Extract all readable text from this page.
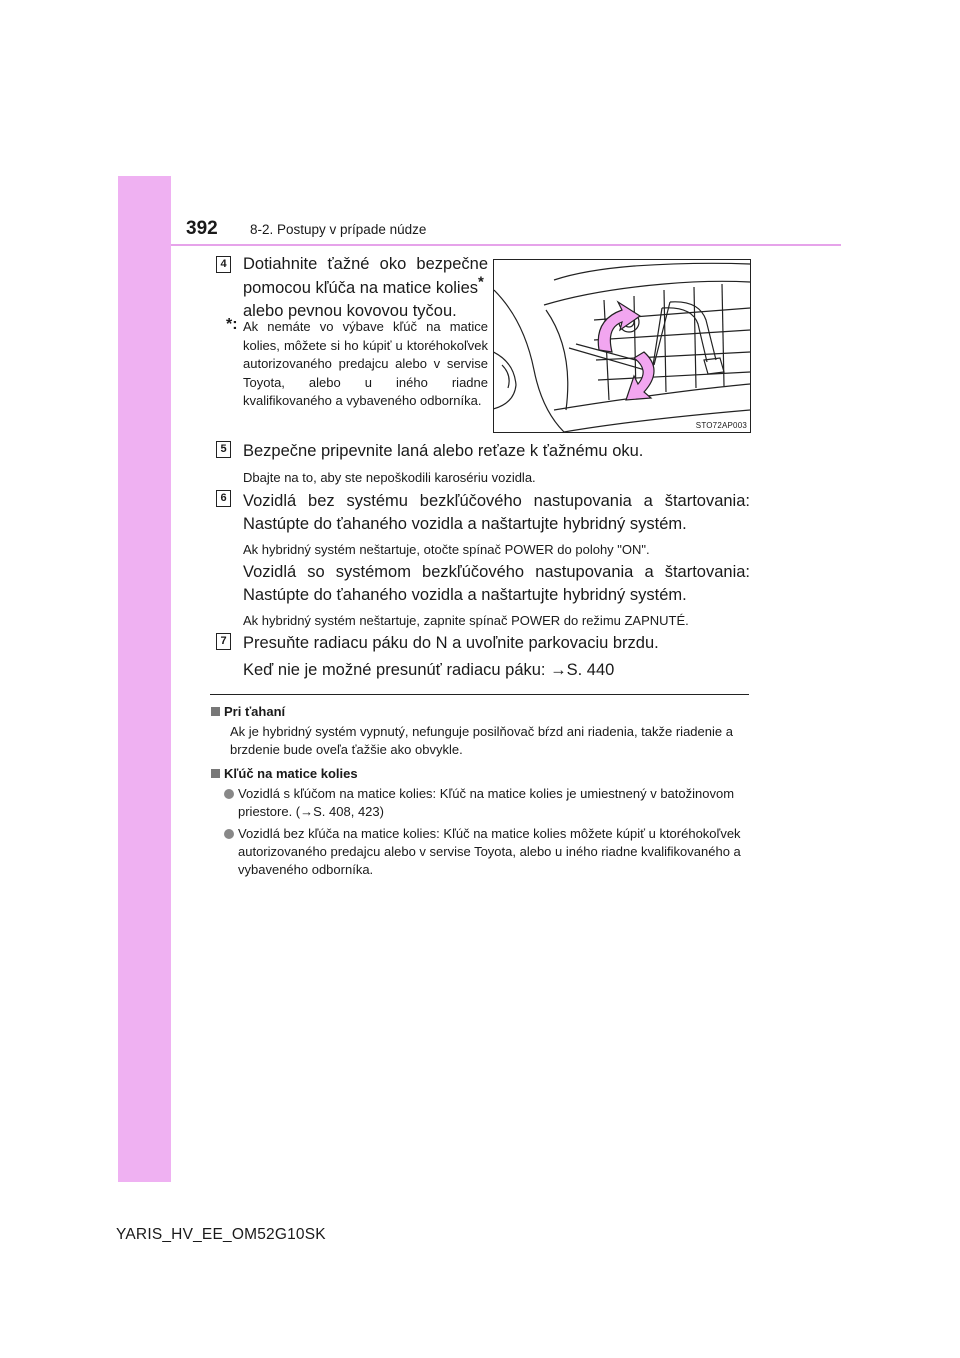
392 8-2. Postupy v prípade núdze
4 Dotiahnite ťažné oko bezpečne
pomocou kľúča na matice kolies*
alebo pevnou kovovou tyčou.
*: Ak nemáte vo výbave kľúč na matice kolies, môžete si ho kúpiť u ktoréhokoľvek autorizovaného predajcu alebo v servise Toyota, alebo u iného riadne kvalifikovaného a vybaveného odborníka.
STO72AP003
5 Bezpečne pripevnite laná alebo reťaze k ťažnému oku.
Dbajte na to, aby ste nepoškodili karosériu vozidla.
6 Vozidlá bez systému bezkľúčového nastupovania a štartovania:
Nastúpte do ťahaného vozidla a naštartujte hybridný systém.
Ak hybridný systém neštartuje, otočte spínač POWER do polohy "ON".
Vozidlá so systémom bezkľúčového nastupovania a štartovania:
Nastúpte do ťahaného vozidla a naštartujte hybridný systém.
Ak hybridný systém neštartuje, zapnite spínač POWER do režimu ZAPNUTÉ.
7 Presuňte radiacu páku do N a uvoľnite parkovaciu brzdu.
Keď nie je možné presunúť radiacu páku: →S. 440
Pri ťahaní
Ak je hybridný systém vypnutý, nefunguje posilňovač bŕzd ani riadenia, takže riadenie a brzdenie bude oveľa ťažšie ako obvykle.
Kľúč na matice kolies
Vozidlá s kľúčom na matice kolies: Kľúč na matice kolies je umiestnený v batožinovom priestore. (→S. 408, 423)
Vozidlá bez kľúča na matice kolies: Kľúč na matice kolies môžete kúpiť u ktoréhokoľvek autorizovaného predajcu alebo v servise Toyota, alebo u iného riadne kvalifikovaného a vybaveného odborníka.
YARIS_HV_EE_OM52G10SK
